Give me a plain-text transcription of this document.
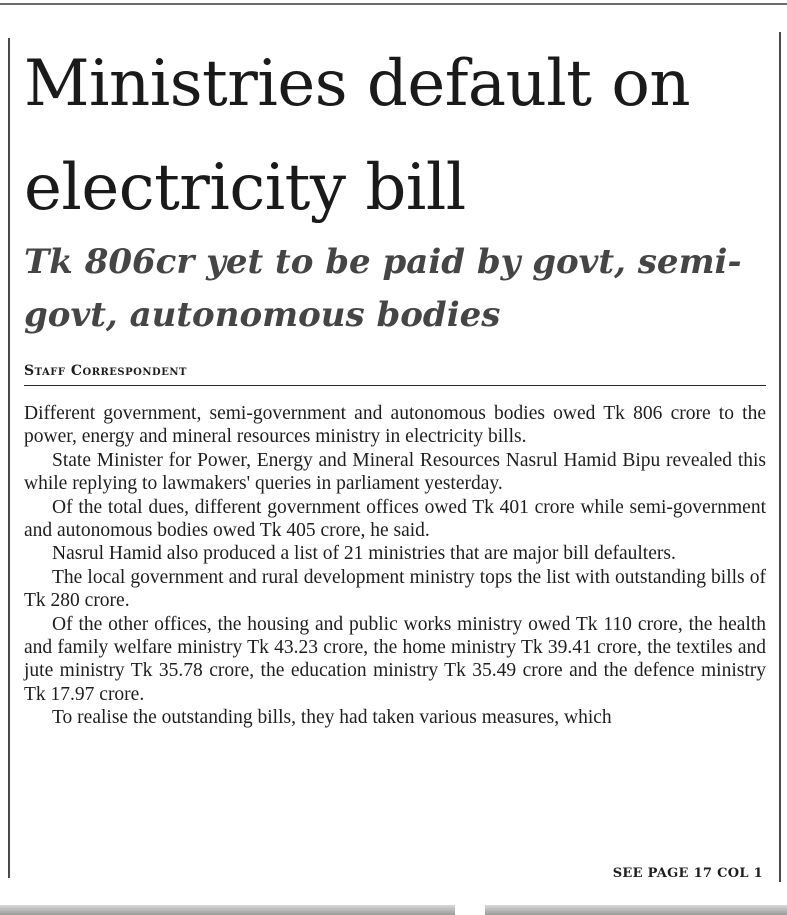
Ministries default on electricity bill
Tk 806cr yet to be paid by govt, semi-govt, autonomous bodies
Staff Correspondent

Different government, semi-government and autonomous bodies owed Tk 806 crore to the power, energy and mineral resources ministry in electricity bills.

State Minister for Power, Energy and Mineral Resources Nasrul Hamid Bipu revealed this while replying to lawmakers' queries in parliament yesterday.

Of the total dues, different government offices owed Tk 401 crore while semi-government and autonomous bodies owed Tk 405 crore, he said.

Nasrul Hamid also produced a list of 21 ministries that are major bill defaulters.

The local government and rural development ministry tops the list with outstanding bills of Tk 280 crore.

Of the other offices, the housing and public works ministry owed Tk 110 crore, the health and family welfare ministry Tk 43.23 crore, the home ministry Tk 39.41 crore, the textiles and jute ministry Tk 35.78 crore, the education ministry Tk 35.49 crore and the defence ministry Tk 17.97 crore.

To realise the outstanding bills, they had taken various measures, which

SEE PAGE 17 COL 1
